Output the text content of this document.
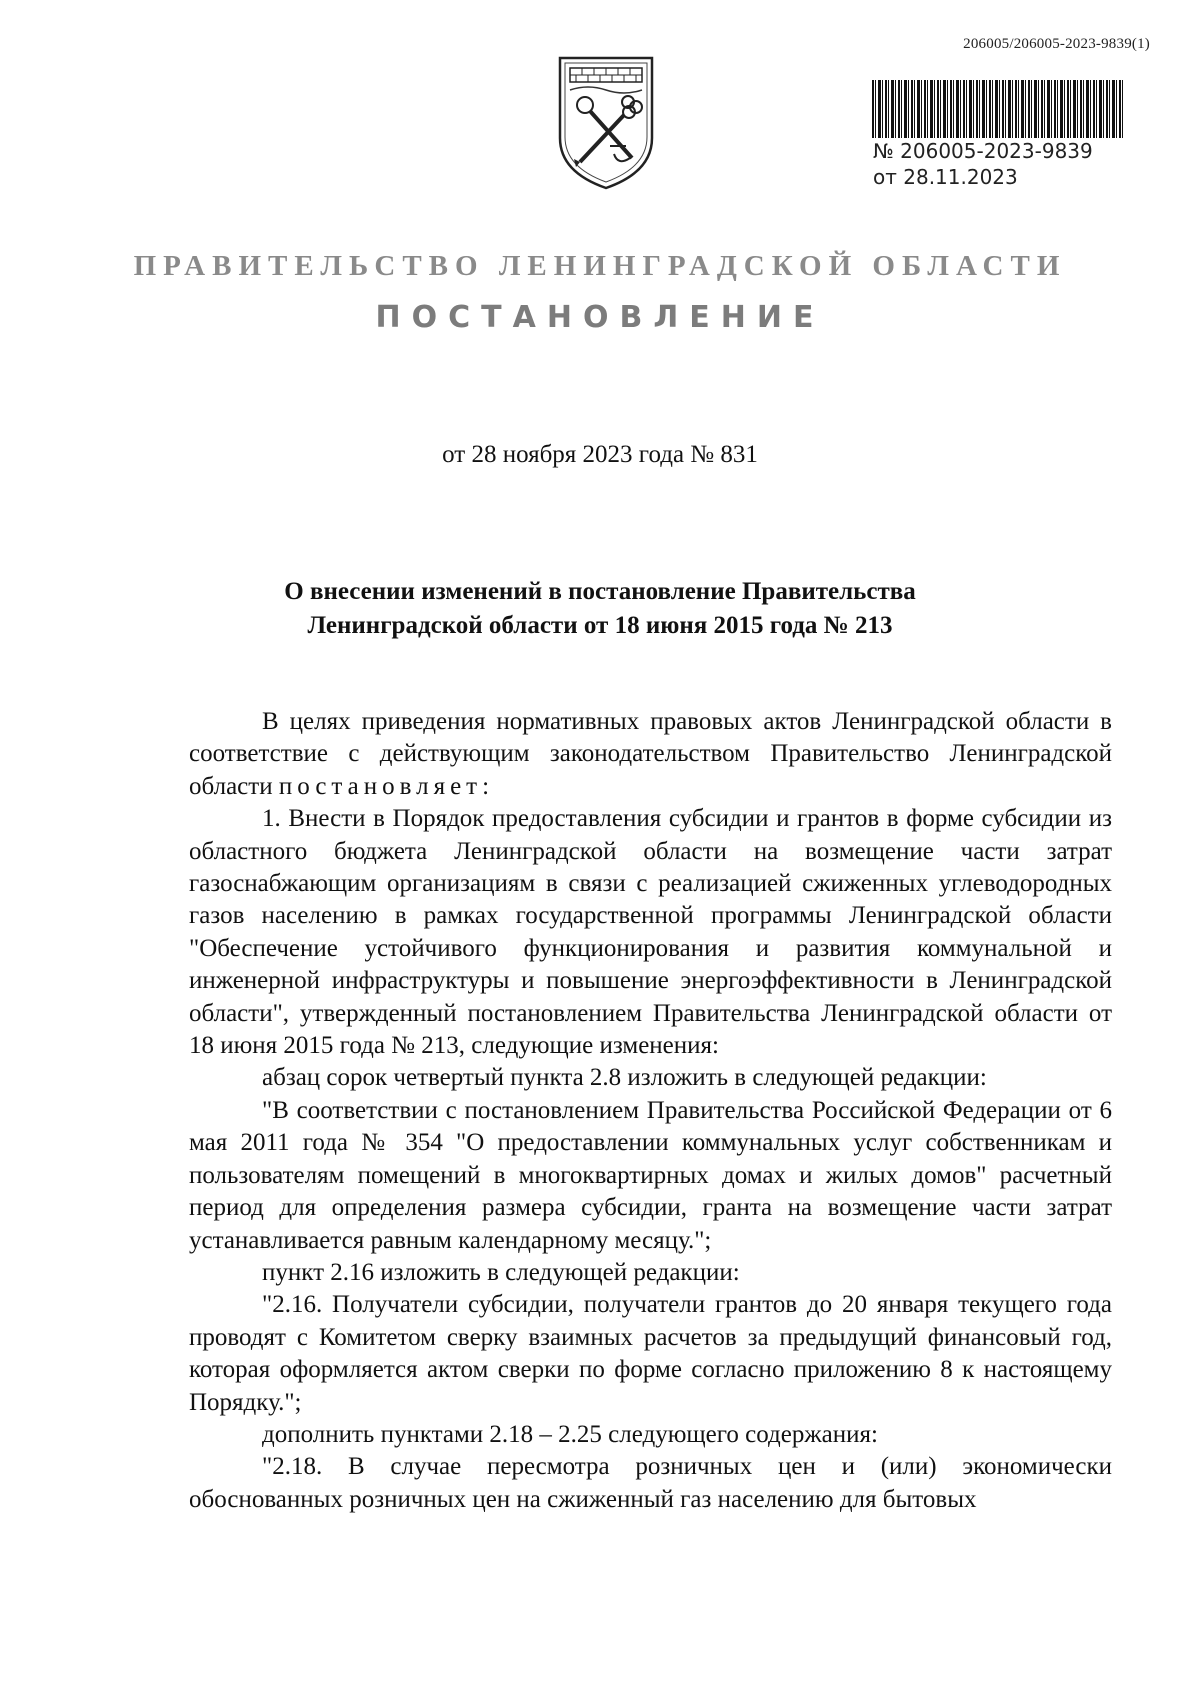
206005/206005-2023-9839(1)
№ 206005-2023-9839
от 28.11.2023
ПРАВИТЕЛЬСТВО ЛЕНИНГРАДСКОЙ ОБЛАСТИ
ПОСТАНОВЛЕНИЕ
от 28 ноября 2023 года № 831
О внесении изменений в постановление Правительства
Ленинградской области от 18 июня 2015 года № 213

В целях приведения нормативных правовых актов Ленинградской области в соответствие с действующим законодательством Правительство Ленинградской области постановляет:

1. Внести в Порядок предоставления субсидии и грантов в форме субсидии из областного бюджета Ленинградской области на возмещение части затрат газоснабжающим организациям в связи с реализацией сжиженных углеводородных газов населению в рамках государственной программы Ленинградской области "Обеспечение устойчивого функционирования и развития коммунальной и инженерной инфраструктуры и повышение энергоэффективности в Ленинградской области", утвержденный постановлением Правительства Ленинградской области от 18 июня 2015 года № 213, следующие изменения:

абзац сорок четвертый пункта 2.8 изложить в следующей редакции:

"В соответствии с постановлением Правительства Российской Федерации от 6 мая 2011 года № 354 "О предоставлении коммунальных услуг собственникам и пользователям помещений в многоквартирных домах и жилых домов" расчетный период для определения размера субсидии, гранта на возмещение части затрат устанавливается равным календарному месяцу.";

пункт 2.16 изложить в следующей редакции:

"2.16. Получатели субсидии, получатели грантов до 20 января текущего года проводят с Комитетом сверку взаимных расчетов за предыдущий финансовый год, которая оформляется актом сверки по форме согласно приложению 8 к настоящему Порядку.";

дополнить пунктами 2.18 – 2.25 следующего содержания:

"2.18. В случае пересмотра розничных цен и (или) экономически обоснованных розничных цен на сжиженный газ населению для бытовых
